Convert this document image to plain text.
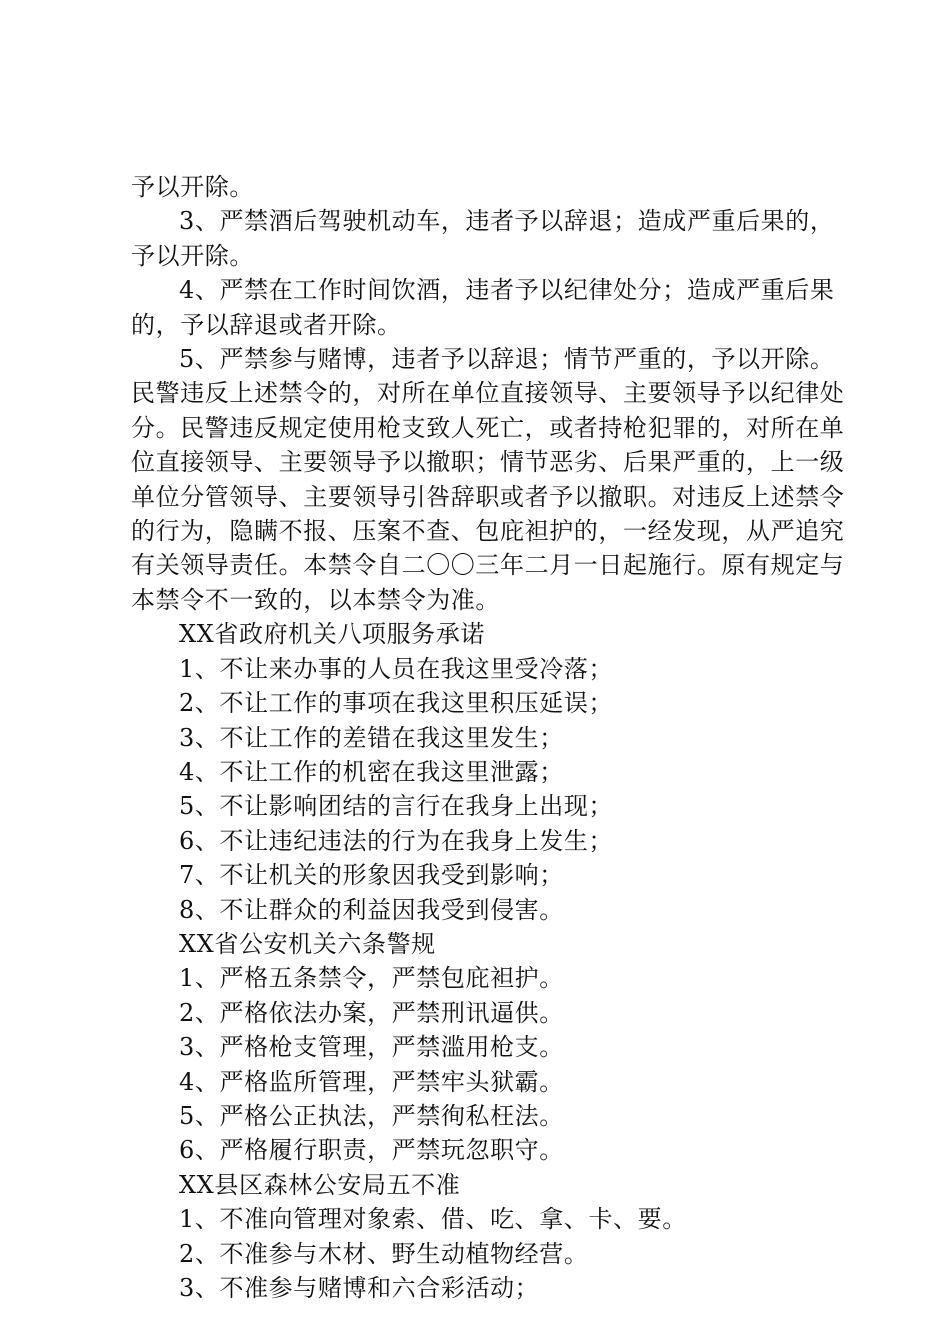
予以开除。

3、严禁酒后驾驶机动车，违者予以辞退；造成严重后果的，予以开除。

4、严禁在工作时间饮酒，违者予以纪律处分；造成严重后果的，予以辞退或者开除。

5、严禁参与赌博，违者予以辞退；情节严重的，予以开除。民警违反上述禁令的，对所在单位直接领导、主要领导予以纪律处分。民警违反规定使用枪支致人死亡，或者持枪犯罪的，对所在单位直接领导、主要领导予以撤职；情节恶劣、后果严重的，上一级单位分管领导、主要领导引咎辞职或者予以撤职。对违反上述禁令的行为，隐瞒不报、压案不查、包庇袒护的，一经发现，从严追究有关领导责任。本禁令自二〇〇三年二月一日起施行。原有规定与本禁令不一致的，以本禁令为准。

XX省政府机关八项服务承诺

1、不让来办事的人员在我这里受冷落；

2、不让工作的事项在我这里积压延误；

3、不让工作的差错在我这里发生；

4、不让工作的机密在我这里泄露；

5、不让影响团结的言行在我身上出现；

6、不让违纪违法的行为在我身上发生；

7、不让机关的形象因我受到影响；

8、不让群众的利益因我受到侵害。

XX省公安机关六条警规

1、严格五条禁令，严禁包庇袒护。

2、严格依法办案，严禁刑讯逼供。

3、严格枪支管理，严禁滥用枪支。

4、严格监所管理，严禁牢头狱霸。

5、严格公正执法，严禁徇私枉法。

6、严格履行职责，严禁玩忽职守。

XX县区森林公安局五不准

1、不准向管理对象索、借、吃、拿、卡、要。

2、不准参与木材、野生动植物经营。

3、不准参与赌博和六合彩活动；
